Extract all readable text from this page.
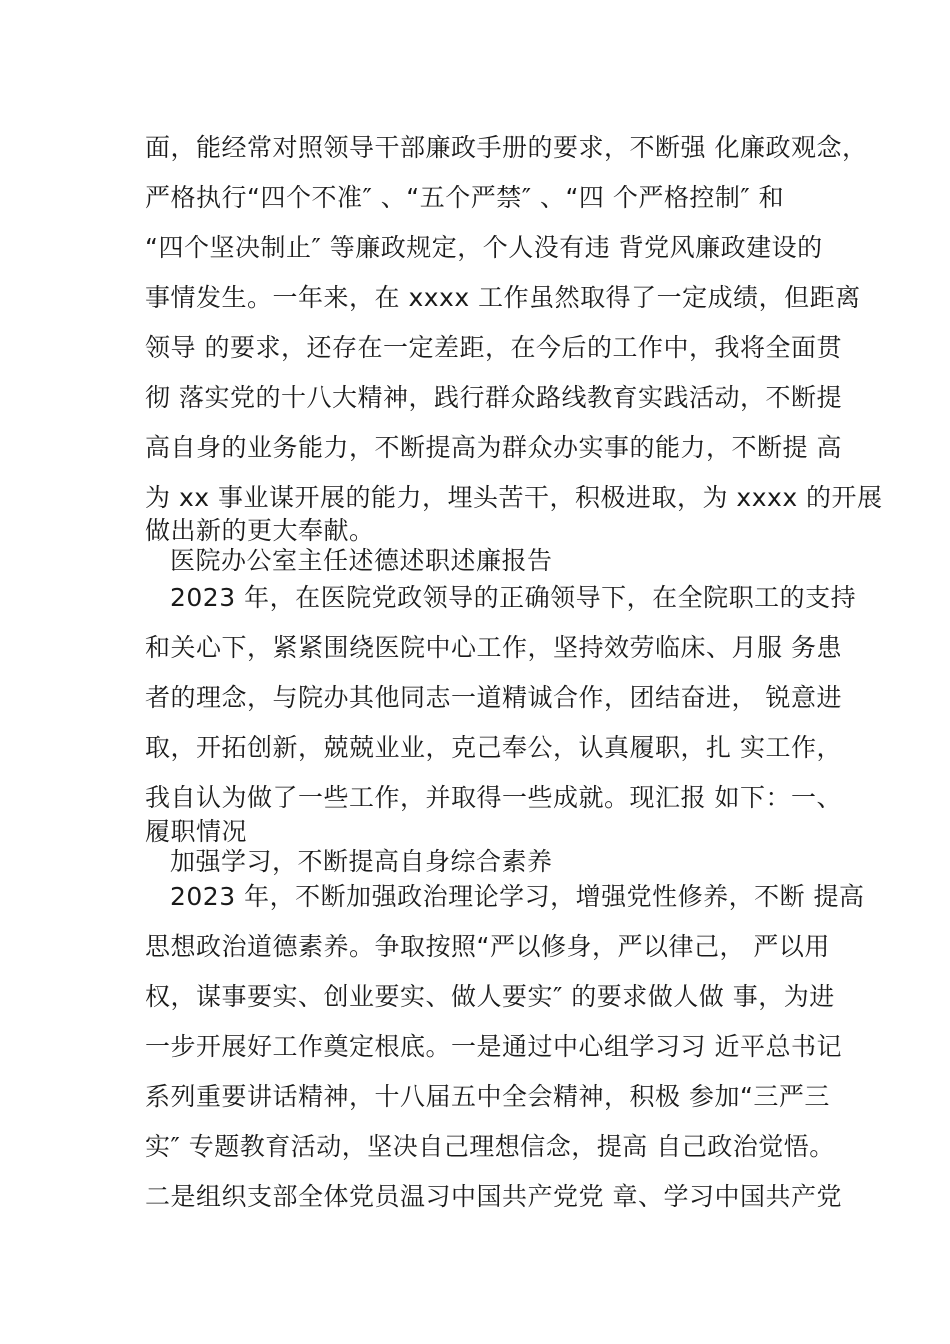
面，能经常对照领导干部廉政手册的要求，不断强 化廉政观念，
严格执行“四个不准″ 、“五个严禁″ 、“四 个严格控制″ 和
“四个坚决制止″ 等廉政规定，个人没有违 背党风廉政建设的
事情发生。一年来，在 xxxx 工作虽然取得了一定成绩，但距离
领导 的要求，还存在一定差距，在今后的工作中，我将全面贯
彻 落实党的十八大精神，践行群众路线教育实践活动，不断提
高自身的业务能力，不断提高为群众办实事的能力，不断提 高
为 xx 事业谋开展的能力，埋头苦干，积极进取，为 xxxx 的开展
做出新的更大奉献。
医院办公室主任述德述职述廉报告
2023 年，在医院党政领导的正确领导下，在全院职工的支持
和关心下，紧紧围绕医院中心工作，坚持效劳临床、月服 务患
者的理念，与院办其他同志一道精诚合作，团结奋进， 锐意进
取，开拓创新，兢兢业业，克己奉公，认真履职，扎 实工作，
我自认为做了一些工作，并取得一些成就。现汇报 如下：一、
履职情况
加强学习，不断提高自身综合素养
2023 年，不断加强政治理论学习，增强党性修养，不断 提高
思想政治道德素养。争取按照“严以修身，严以律己， 严以用
权，谋事要实、创业要实、做人要实″ 的要求做人做 事，为进
一步开展好工作奠定根底。一是通过中心组学习习 近平总书记
系列重要讲话精神，十八届五中全会精神，积极 参加“三严三
实″ 专题教育活动，坚决自己理想信念，提高 自己政治觉悟。
二是组织支部全体党员温习中国共产党党 章、学习中国共产党
